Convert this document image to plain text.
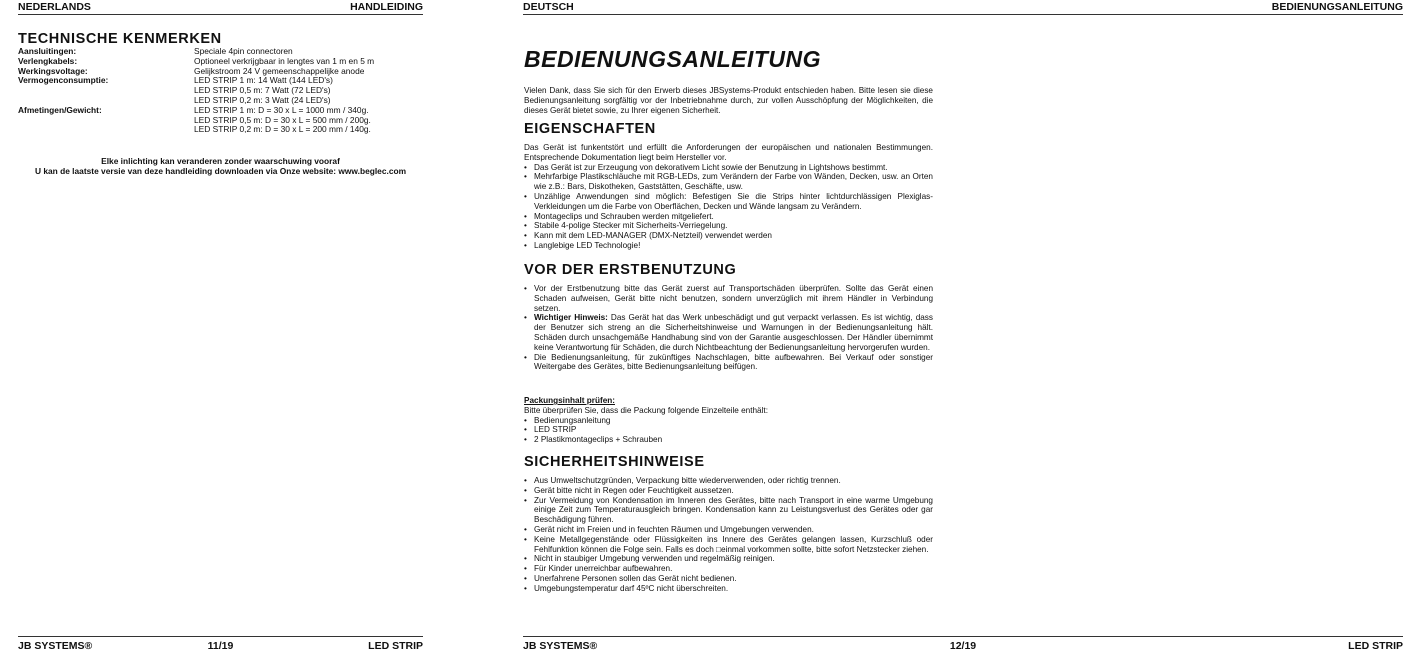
NEDERLANDS	HANDLEIDING

TECHNISCHE KENMERKEN

Aansluitingen:	Speciale 4pin connectoren
Verlengkabels:	Optioneel verkrijgbaar in lengtes van 1 m en 5 m
Werkingsvoltage:	Gelijkstroom 24 V gemeenschappelijke anode
Vermogenconsumptie:	LED STRIP 1 m: 14 Watt (144 LED's)
LED STRIP 0,5 m: 7 Watt (72 LED's)
LED STRIP 0,2 m: 3 Watt (24 LED's)
Afmetingen/Gewicht:	LED STRIP 1 m: D = 30 x L = 1000 mm / 340g.
LED STRIP 0,5 m: D = 30 x L = 500 mm / 200g.
LED STRIP 0,2 m: D = 30 x L = 200 mm / 140g.
Elke inlichting kan veranderen zonder waarschuwing vooraf
U kan de laatste versie van deze handleiding downloaden via Onze website: www.beglec.com
JB SYSTEMS®	11/19	LED STRIP
DEUTSCH	BEDIENUNGSANLEITUNG
JB SYSTEMS®	12/19	LED STRIP
BEDIENUNGSANLEITUNG
Vielen Dank, dass Sie sich für den Erwerb dieses JBSystems-Produkt entschieden haben. Bitte lesen sie diese Bedienungsanleitung sorgfältig vor der Inbetriebnahme durch, zur vollen Ausschöpfung der Möglichkeiten, die dieses Gerät bietet sowie, zu Ihrer eigenen Sicherheit.

EIGENSCHAFTEN

Das Gerät ist funkentstört und erfüllt die Anforderungen der europäischen und nationalen Bestimmungen. Entsprechende Dokumentation liegt beim Hersteller vor.
• Das Gerät ist zur Erzeugung von dekorativem Licht sowie der Benutzung in Lightshows bestimmt.
• Mehrfarbige Plastikschläuche mit RGB-LEDs, zum Verändern der Farbe von Wänden, Decken, usw. an Orten wie z.B.: Bars, Diskotheken, Gaststätten, Geschäfte, usw.
• Unzählige Anwendungen sind möglich: Befestigen Sie die Strips hinter lichtdurchlässigen Plexiglas-Verkleidungen um die Farbe von Oberflächen, Decken und Wände langsam zu Verändern.
• Montageclips und Schrauben werden mitgeliefert.
• Stabile 4-polige Stecker mit Sicherheits-Verriegelung.
• Kann mit dem LED-MANAGER (DMX-Netzteil) verwendet werden
• Langlebige LED Technologie!

VOR DER ERSTBENUTZUNG

• Vor der Erstbenutzung bitte das Gerät zuerst auf Transportschäden überprüfen. Sollte das Gerät einen Schaden aufweisen, Gerät bitte nicht benutzen, sondern unverzüglich mit ihrem Händler in Verbindung setzen.
• Wichtiger Hinweis: Das Gerät hat das Werk unbeschädigt und gut verpackt verlassen. Es ist wichtig, dass der Benutzer sich streng an die Sicherheitshinweise und Warnungen in der Bedienungsanleitung hält. Schäden durch unsachgemäße Handhabung sind von der Garantie ausgeschlossen. Der Händler übernimmt keine Verantwortung für Schäden, die durch Nichtbeachtung der Bedienungsanleitung hervorgerufen wurden.
• Die Bedienungsanleitung, für zukünftiges Nachschlagen, bitte aufbewahren. Bei Verkauf oder sonstiger Weitergabe des Gerätes, bitte Bedienungsanleitung beifügen.
Packungsinhalt prüfen:
Bitte überprüfen Sie, dass die Packung folgende Einzelteile enthält:
• Bedienungsanleitung
• LED STRIP
• 2 Plastikmontageclips + Schrauben

SICHERHEITSHINWEISE

• Aus Umweltschutzgründen, Verpackung bitte wiederverwenden, oder richtig trennen.
• Gerät bitte nicht in Regen oder Feuchtigkeit aussetzen.
• Zur Vermeidung von Kondensation im Inneren des Gerätes, bitte nach Transport in eine warme Umgebung einige Zeit zum Temperaturausgleich bringen. Kondensation kann zu Leistungsverlust des Gerätes oder gar Beschädigung führen.
• Gerät nicht im Freien und in feuchten Räumen und Umgebungen verwenden.
• Keine Metallgegenstände oder Flüssigkeiten ins Innere des Gerätes gelangen lassen, Kurzschluß oder Fehlfunktion können die Folge sein. Falls es doch □einmal vorkommen sollte, bitte sofort Netzstecker ziehen.
• Nicht in staubiger Umgebung verwenden und regelmäßig reinigen.
• Für Kinder unerreichbar aufbewahren.
• Unerfahrene Personen sollen das Gerät nicht bedienen.
• Umgebungstemperatur darf 45ºC nicht überschreiten.
